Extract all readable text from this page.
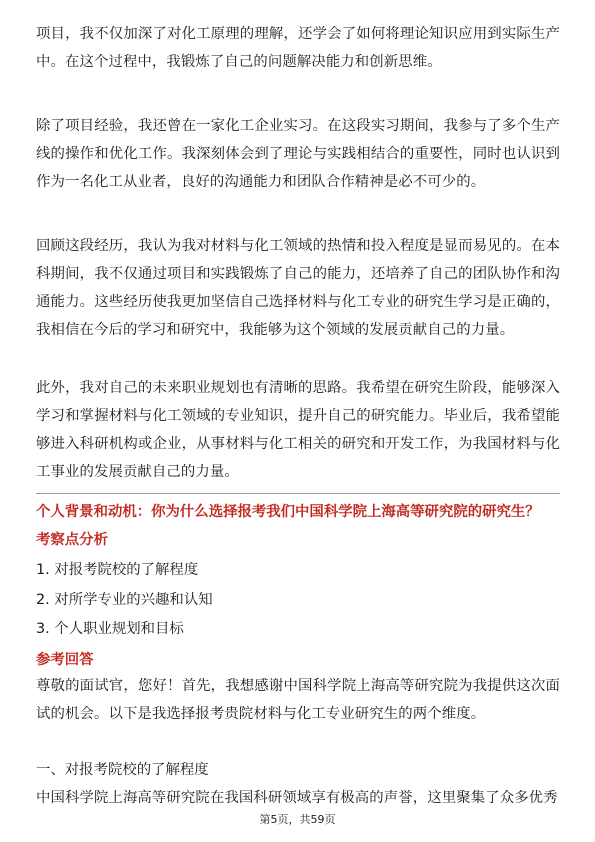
项目，我不仅加深了对化工原理的理解，还学会了如何将理论知识应用到实际生产中。在这个过程中，我锻炼了自己的问题解决能力和创新思维。

除了项目经验，我还曾在一家化工企业实习。在这段实习期间，我参与了多个生产线的操作和优化工作。我深刻体会到了理论与实践相结合的重要性，同时也认识到作为一名化工从业者，良好的沟通能力和团队合作精神是必不可少的。

回顾这段经历，我认为我对材料与化工领域的热情和投入程度是显而易见的。在本科期间，我不仅通过项目和实践锻炼了自己的能力，还培养了自己的团队协作和沟通能力。这些经历使我更加坚信自己选择材料与化工专业的研究生学习是正确的，我相信在今后的学习和研究中，我能够为这个领域的发展贡献自己的力量。

此外，我对自己的未来职业规划也有清晰的思路。我希望在研究生阶段，能够深入学习和掌握材料与化工领域的专业知识，提升自己的研究能力。毕业后，我希望能够进入科研机构或企业，从事材料与化工相关的研究和开发工作，为我国材料与化工事业的发展贡献自己的力量。

个人背景和动机：你为什么选择报考我们中国科学院上海高等研究院的研究生？
考察点分析
1. 对报考院校的了解程度
2. 对所学专业的兴趣和认知
3. 个人职业规划和目标
参考回答

尊敬的面试官，您好！首先，我想感谢中国科学院上海高等研究院为我提供这次面试的机会。以下是我选择报考贵院材料与化工专业研究生的两个维度。

一、对报考院校的了解程度

中国科学院上海高等研究院在我国科研领域享有极高的声誉，这里聚集了众多优秀

第5页，共59页
